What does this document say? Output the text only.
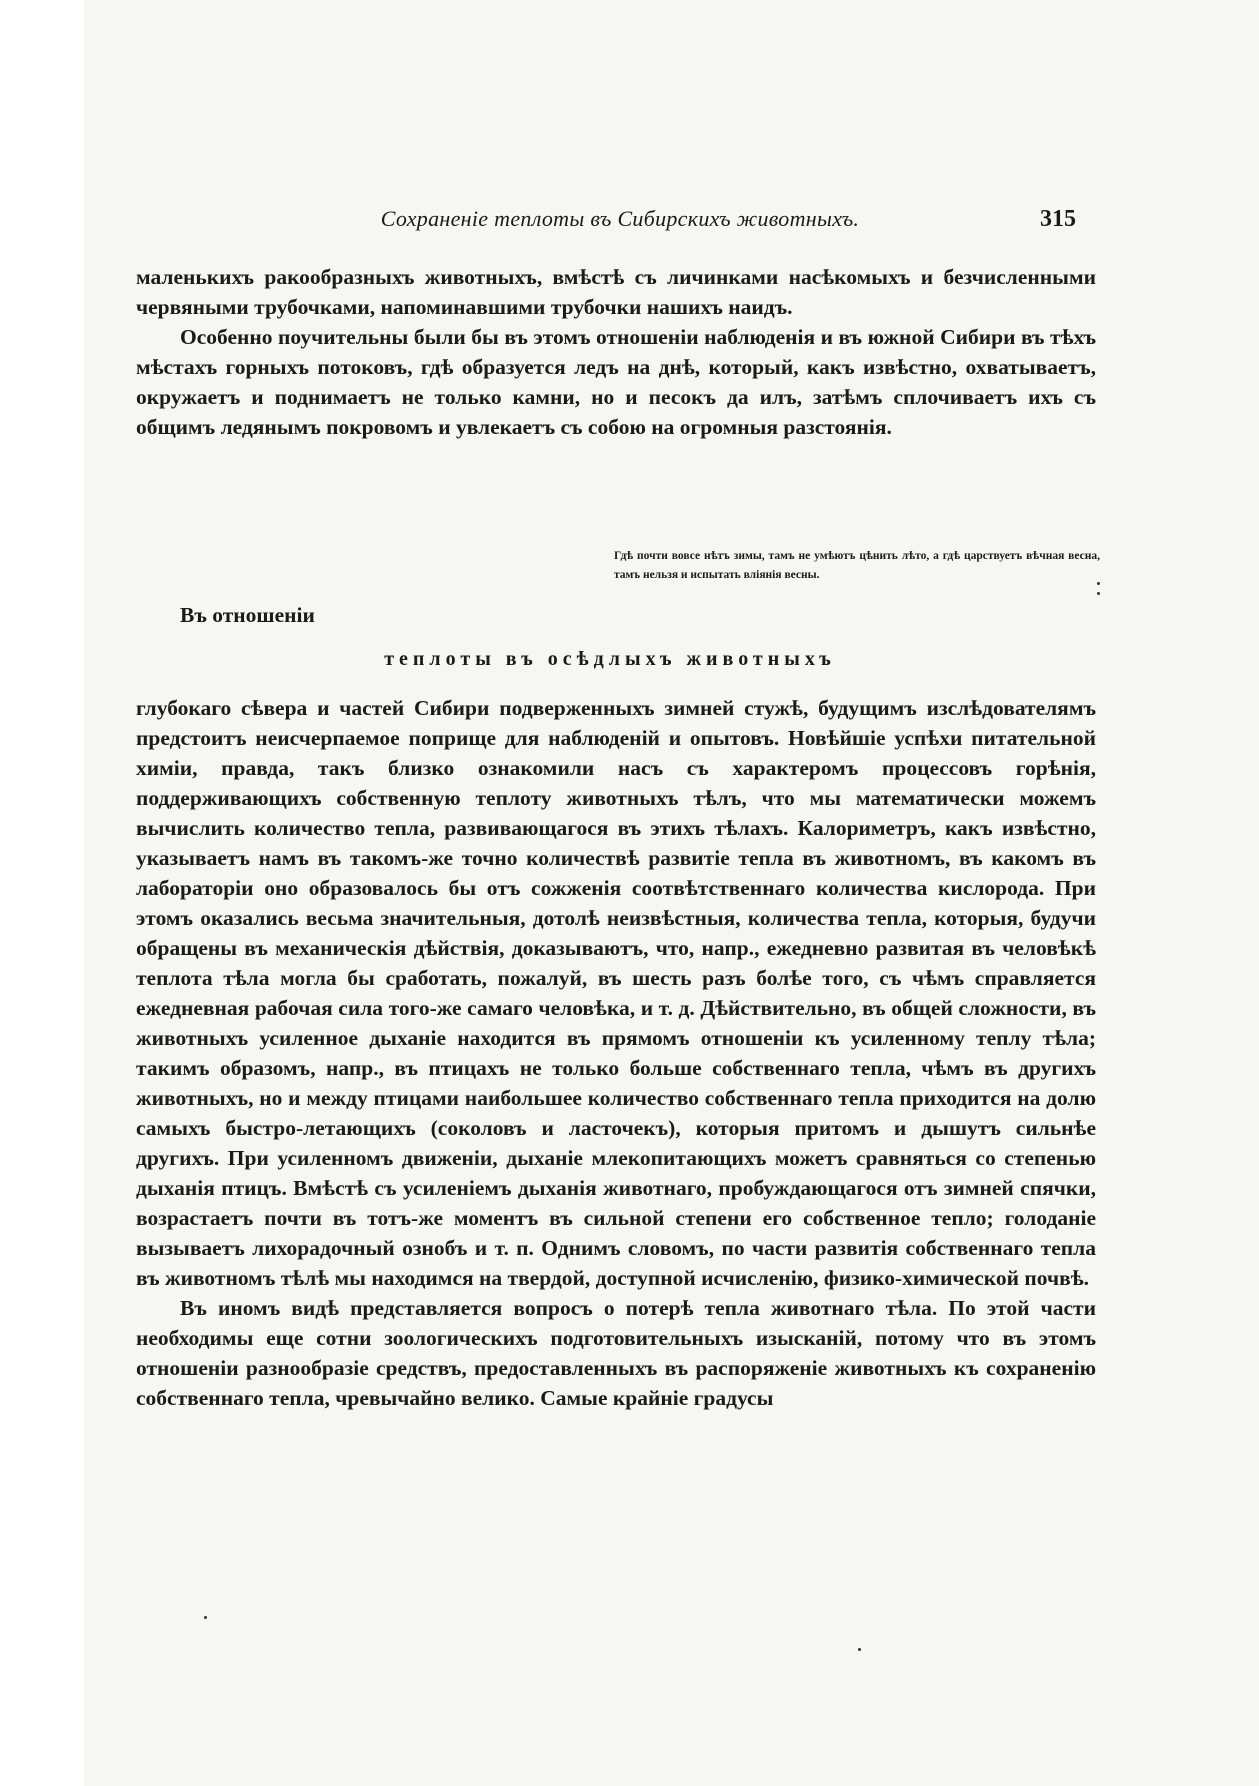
Сохраненіе теплоты въ Сибирскихъ животныхъ.	315

маленькихъ ракообразныхъ животныхъ, вмѣстѣ съ личинками насѣкомыхъ и безчисленными червяными трубочками, напоминавшими трубочки нашихъ наидъ.

Особенно поучительны были бы въ этомъ отношеніи наблюденія и въ южной Сибири въ тѣхъ мѣстахъ горныхъ потоковъ, гдѣ образуется ледъ на днѣ, который, какъ извѣстно, охватываетъ, окружаетъ и поднимаетъ не только камни, но и песокъ да илъ, затѣмъ сплочиваетъ ихъ съ общимъ ледянымъ покровомъ и увлекаетъ съ собою на огромныя разстоянія.

Гдѣ почти вовсе нѣтъ зимы, тамъ не умѣютъ цѣнить лѣто, а гдѣ царствуетъ вѣчная весна, тамъ нельзя и испытать вліянія весны.
Въ отношеніи
теплоты въ осѣдлыхъ животныхъ

глубокаго сѣвера и частей Сибири подверженныхъ зимней стужѣ, будущимъ изслѣдователямъ предстоитъ неисчерпаемое поприще для наблюденій и опытовъ. Новѣйшіе успѣхи питательной химіи, правда, такъ близко ознакомили насъ съ характеромъ процессовъ горѣнія, поддерживающихъ собственную теплоту животныхъ тѣлъ, что мы математически можемъ вычислить количество тепла, развивающагося въ этихъ тѣлахъ. Калориметръ, какъ извѣстно, указываетъ намъ въ такомъ-же точно количествѣ развитіе тепла въ животномъ, въ какомъ въ лабораторіи оно образовалось бы отъ сожженія соотвѣтственнаго количества кислорода. При этомъ оказались весьма значительныя, дотолѣ неизвѣстныя, количества тепла, которыя, будучи обращены въ механическія дѣйствія, доказываютъ, что, напр., ежедневно развитая въ человѣкѣ теплота тѣла могла бы сработать, пожалуй, въ шесть разъ болѣе того, съ чѣмъ справляется ежедневная рабочая сила того-же самаго человѣка, и т. д. Дѣйствительно, въ общей сложности, въ животныхъ усиленное дыханіе находится въ прямомъ отношеніи къ усиленному теплу тѣла; такимъ образомъ, напр., въ птицахъ не только больше собственнаго тепла, чѣмъ въ другихъ животныхъ, но и между птицами наибольшее количество собственнаго тепла приходится на долю самыхъ быстро-летающихъ (соколовъ и ласточекъ), которыя притомъ и дышутъ сильнѣе другихъ. При усиленномъ движеніи, дыханіе млекопитающихъ можетъ сравняться со степенью дыханія птицъ. Вмѣстѣ съ усиленіемъ дыханія животнаго, пробуждающагося отъ зимней спячки, возрастаетъ почти въ тотъ-же моментъ въ сильной степени его собственное тепло; голоданіе вызываетъ лихорадочный ознобъ и т. п. Однимъ словомъ, по части развитія собственнаго тепла въ животномъ тѣлѣ мы находимся на твердой, доступной исчисленію, физико-химической почвѣ.

Въ иномъ видѣ представляется вопросъ о потерѣ тепла животнаго тѣла. По этой части необходимы еще сотни зоологическихъ подготовительныхъ изысканій, потому что въ этомъ отношеніи разнообразіе средствъ, предоставленныхъ въ распоряженіе животныхъ къ сохраненію собственнаго тепла, чревычайно велико. Самые крайніе градусы
